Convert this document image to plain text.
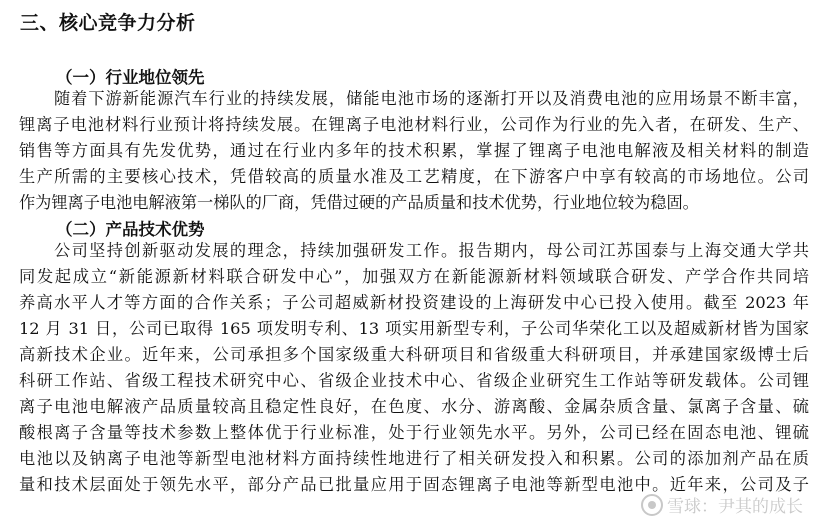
三、核心竞争力分析
（一）行业地位领先
随着下游新能源汽车行业的持续发展，储能电池市场的逐渐打开以及消费电池的应用场景不断丰富，
锂离子电池材料行业预计将持续发展。在锂离子电池材料行业，公司作为行业的先入者，在研发、生产、
销售等方面具有先发优势，通过在行业内多年的技术积累，掌握了锂离子电池电解液及相关材料的制造
生产所需的主要核心技术，凭借较高的质量水准及工艺精度，在下游客户中享有较高的市场地位。公司
作为锂离子电池电解液第一梯队的厂商，凭借过硬的产品质量和技术优势，行业地位较为稳固。
（二）产品技术优势
公司坚持创新驱动发展的理念，持续加强研发工作。报告期内，母公司江苏国泰与上海交通大学共
同发起成立“新能源新材料联合研发中心”，加强双方在新能源新材料领域联合研发、产学合作共同培
养高水平人才等方面的合作关系；子公司超威新材投资建设的上海研发中心已投入使用。截至 2023 年
12 月 31 日，公司已取得 165 项发明专利、13 项实用新型专利，子公司华荣化工以及超威新材皆为国家
高新技术企业。近年来，公司承担多个国家级重大科研项目和省级重大科研项目，并承建国家级博士后
科研工作站、省级工程技术研究中心、省级企业技术中心、省级企业研究生工作站等研发载体。公司锂
离子电池电解液产品质量较高且稳定性良好，在色度、水分、游离酸、金属杂质含量、氯离子含量、硫
酸根离子含量等技术参数上整体优于行业标准，处于行业领先水平。另外，公司已经在固态电池、锂硫
电池以及钠离子电池等新型电池材料方面持续性地进行了相关研发投入和积累。公司的添加剂产品在质
量和技术层面处于领先水平，部分产品已批量应用于固态锂离子电池等新型电池中。近年来，公司及子
雪球：尹其的成长
